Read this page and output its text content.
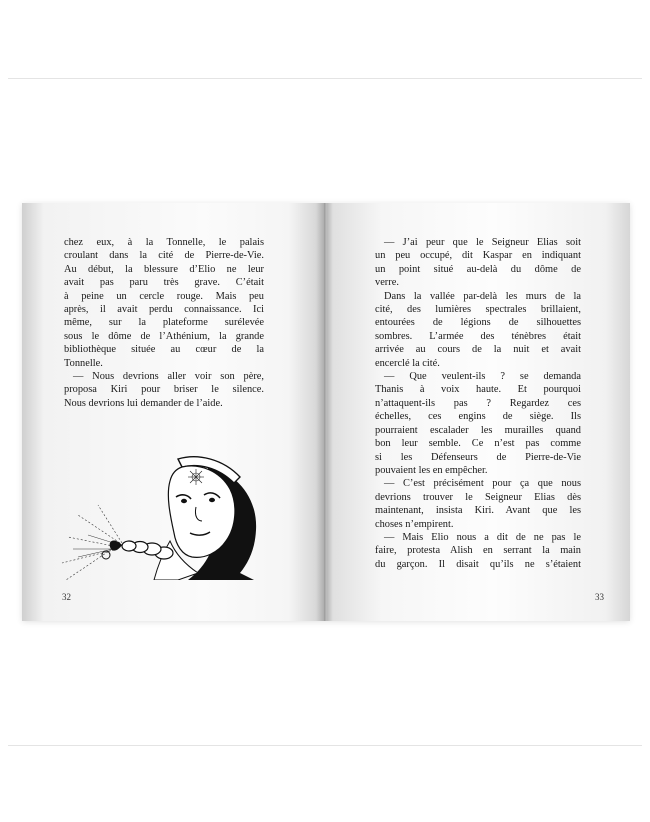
chez eux, à la Tonnelle, le palais
croulant dans la cité de Pierre-de-Vie.
Au début, la blessure d’Elio ne leur
avait pas paru très grave. C’était
à peine un cercle rouge. Mais peu
après, il avait perdu connaissance. Ici
même, sur la plateforme surélevée
sous le dôme de l’Athénium, la grande
bibliothèque située au cœur de la
Tonnelle.
— Nous devrions aller voir son père,
proposa Kiri pour briser le silence.
Nous devrions lui demander de l’aide.
32
— J’ai peur que le Seigneur Elias soit
un peu occupé, dit Kaspar en indiquant
un point situé au-delà du dôme de
verre.
Dans la vallée par-delà les murs de la
cité, des lumières spectrales brillaient,
entourées de légions de silhouettes
sombres. L’armée des ténèbres était
arrivée au cours de la nuit et avait
encerclé la cité.
— Que veulent-ils ? se demanda
Thanis à voix haute. Et pourquoi
n’attaquent-ils pas ? Regardez ces
échelles, ces engins de siège. Ils
pourraient escalader les murailles quand
bon leur semble. Ce n’est pas comme
si les Défenseurs de Pierre-de-Vie
pouvaient les en empêcher.
— C’est précisément pour ça que nous
devrions trouver le Seigneur Elias dès
maintenant, insista Kiri. Avant que les
choses n’empirent.
— Mais Elio nous a dit de ne pas le
faire, protesta Alish en serrant la main
du garçon. Il disait qu’ils ne s’étaient
33
